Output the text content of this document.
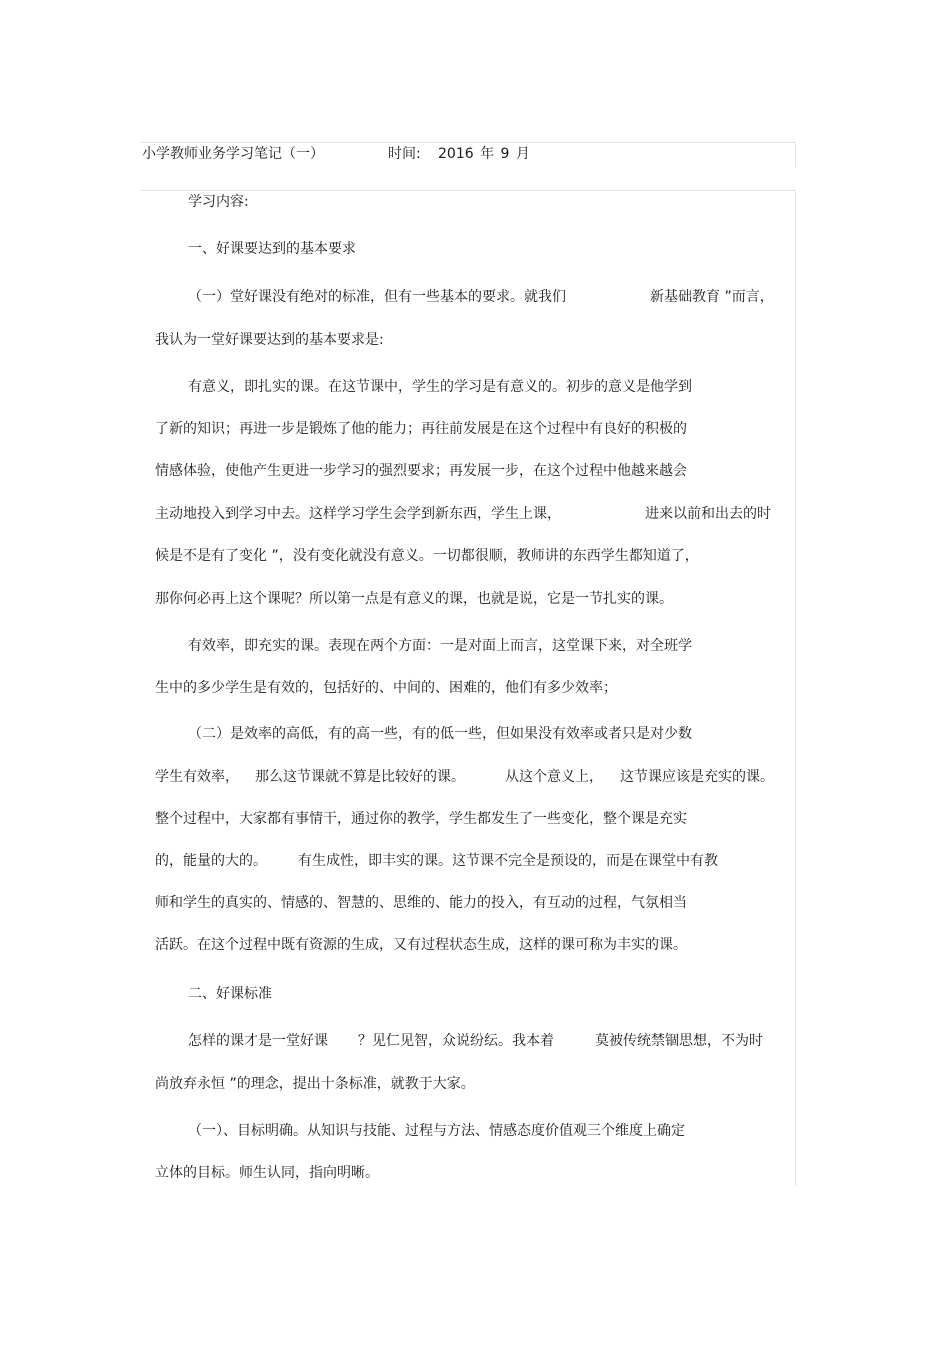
小学教师业务学习笔记（一）	时间: 2016 年 9 月
学习内容:
一、好课要达到的基本要求
（一）堂好课没有绝对的标准，但有一些基本的要求。就我们	新基础教育 ”而言，
我认为一堂好课要达到的基本要求是:
有意义，即扎实的课。在这节课中，学生的学习是有意义的。初步的意义是他学到
了新的知识；再进一步是锻炼了他的能力；再往前发展是在这个过程中有良好的积极的
情感体验，使他产生更进一步学习的强烈要求；再发展一步，在这个过程中他越来越会
主动地投入到学习中去。这样学习学生会学到新东西，学生上课，	进来以前和出去的时
候是不是有了变化 ”，没有变化就没有意义。一切都很顺，教师讲的东西学生都知道了，
那你何必再上这个课呢？所以第一点是有意义的课，也就是说，它是一节扎实的课。
有效率，即充实的课。表现在两个方面：一是对面上而言，这堂课下来，对全班学
生中的多少学生是有效的，包括好的、中间的、困难的，他们有多少效率；
（二）是效率的高低，有的高一些，有的低一些，但如果没有效率或者只是对少数
学生有效率， 那么这节课就不算是比较好的课。	从这个意义上， 这节课应该是充实的课。
整个过程中，大家都有事情干，通过你的教学，学生都发生了一些变化，整个课是充实
的，能量的大的。 有生成性，即丰实的课。这节课不完全是预设的，而是在课堂中有教
师和学生的真实的、情感的、智慧的、思维的、能力的投入，有互动的过程，气氛相当
活跃。在这个过程中既有资源的生成，又有过程状态生成，这样的课可称为丰实的课。
二、好课标准
怎样的课才是一堂好课 ？见仁见智，众说纷纭。我本着	莫被传统禁锢思想，不为时
尚放弃永恒 ”的理念，提出十条标准，就教于大家。
（一）、目标明确。从知识与技能、过程与方法、情感态度价值观三个维度上确定
立体的目标。师生认同，指向明晰。
